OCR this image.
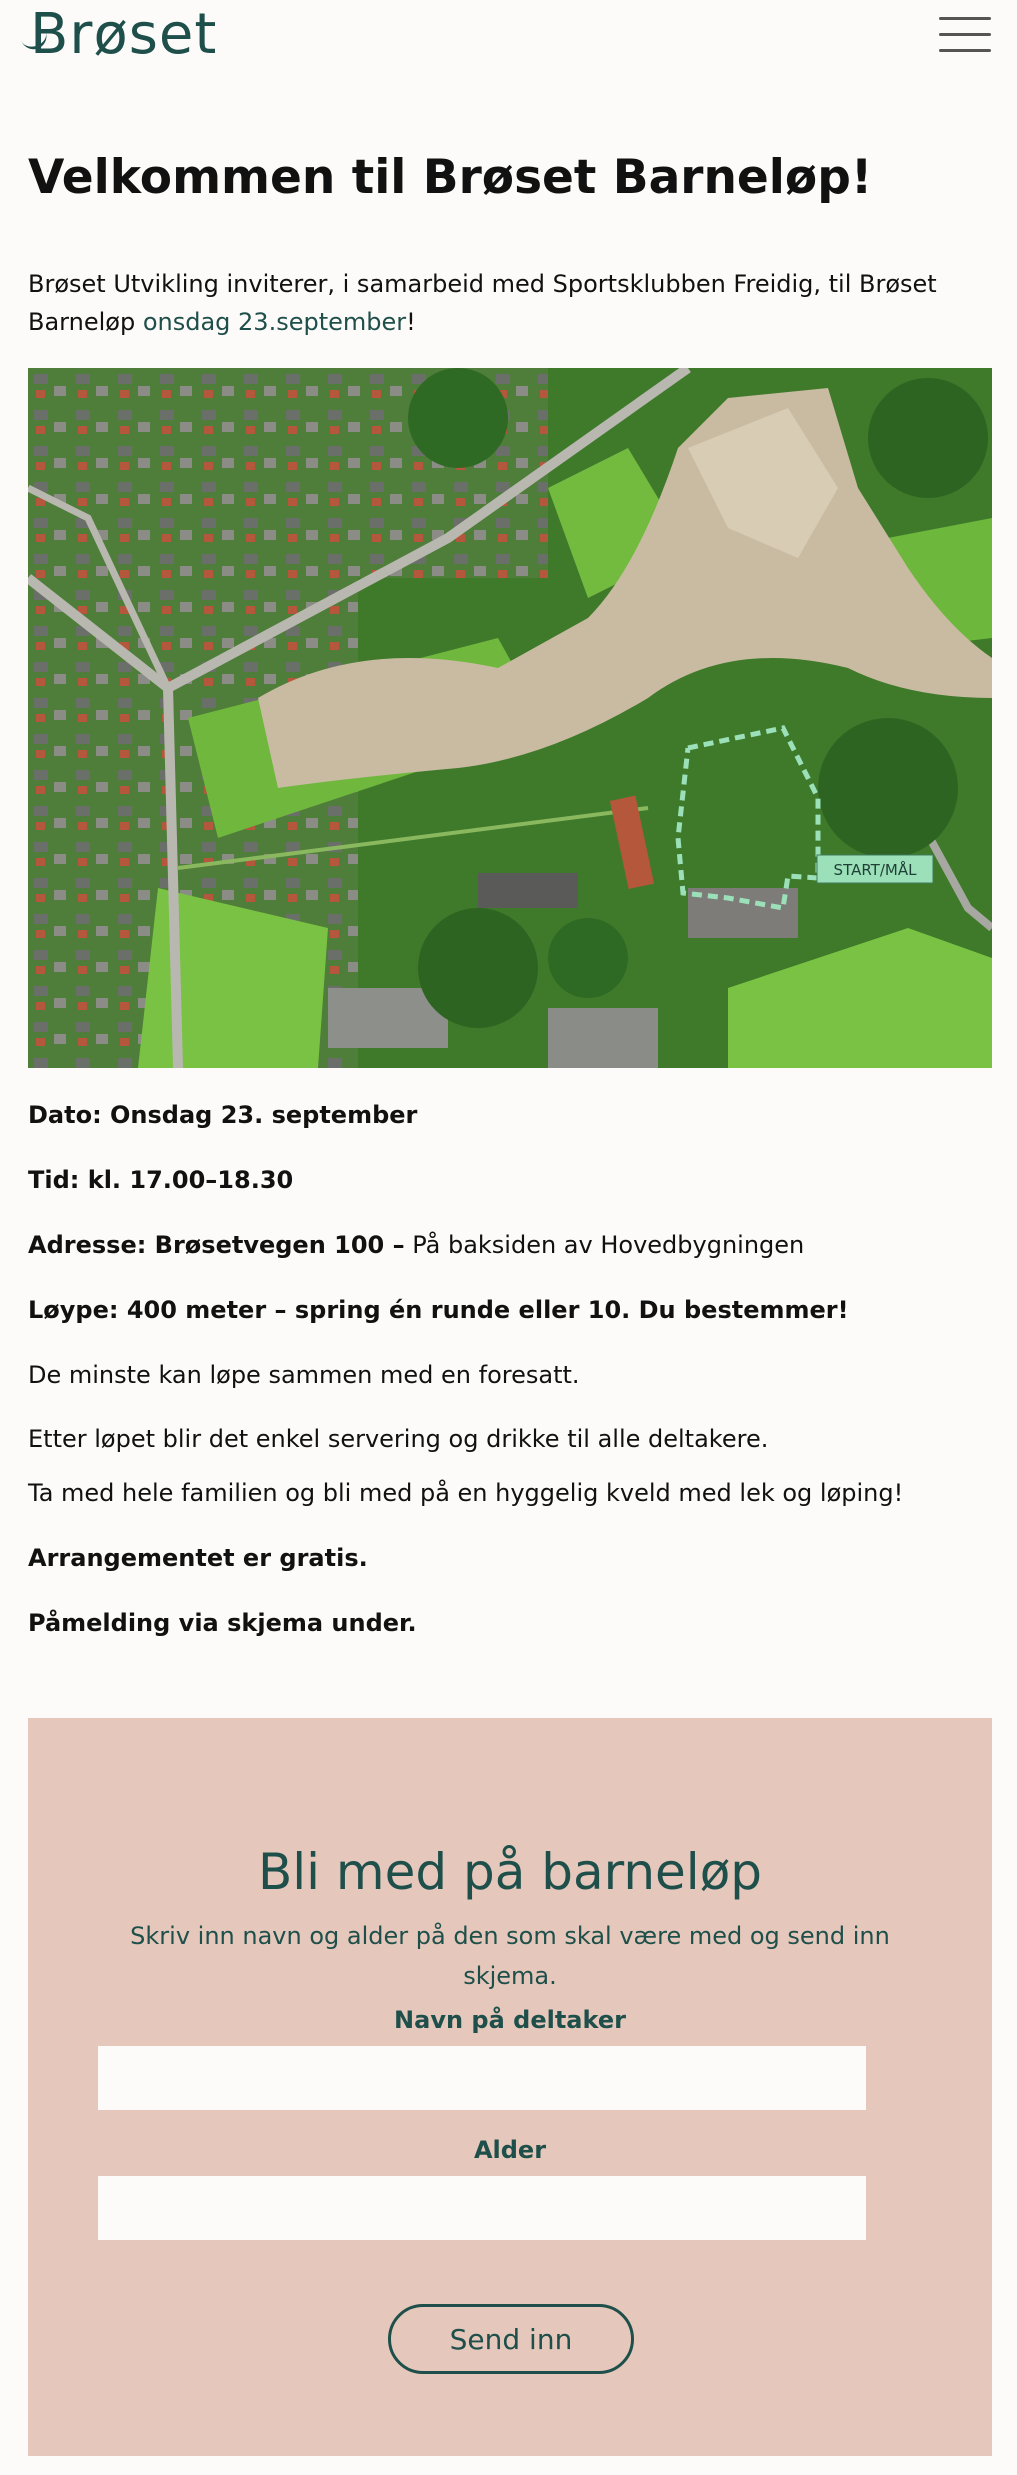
Brøset
Velkommen til Brøset Barneløp!

Brøset Utvikling inviterer, i samarbeid med Sportsklubben Freidig, til Brøset Barneløp onsdag 23.september!

START/MÅL

Dato: Onsdag 23. september

Tid: kl. 17.00–18.30

Adresse: Brøsetvegen 100 – På baksiden av Hovedbygningen

Løype: 400 meter – spring én runde eller 10. Du bestemmer!

De minste kan løpe sammen med en foresatt.

Etter løpet blir det enkel servering og drikke til alle deltakere.

Ta med hele familien og bli med på en hyggelig kveld med lek og løping!

Arrangementet er gratis.

Påmelding via skjema under.

Bli med på barneløp

Skriv inn navn og alder på den som skal være med og send inn skjema.

Navn på deltaker
Alder
Send inn
